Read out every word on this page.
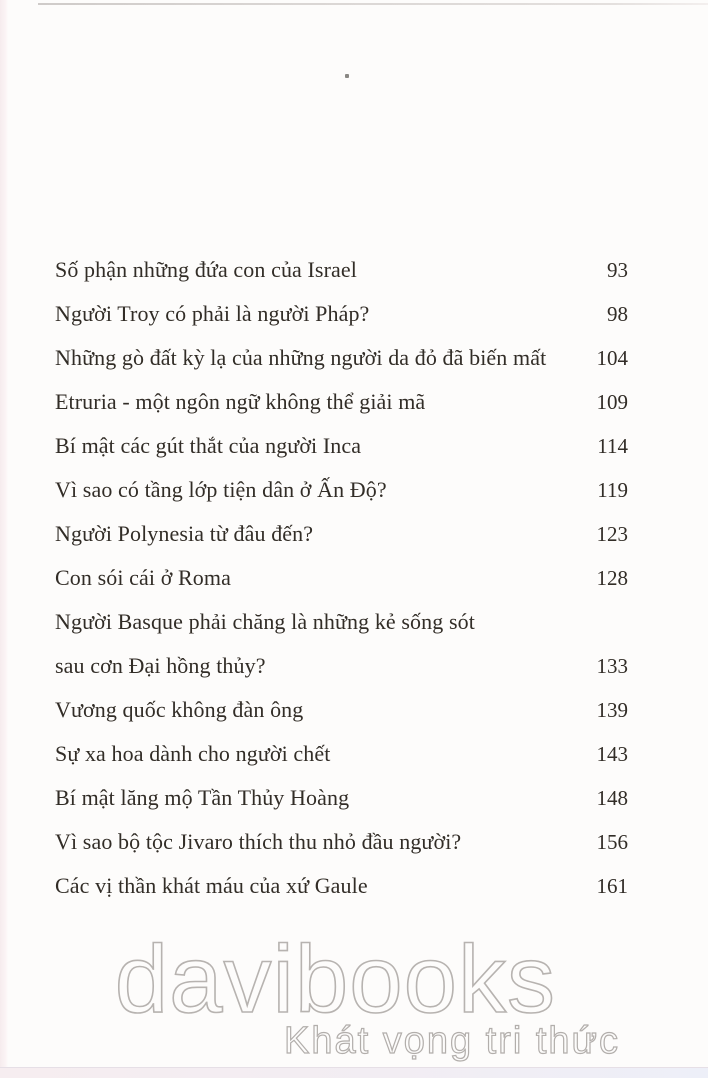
Số phận những đứa con của Israel	93
Người Troy có phải là người Pháp?	98
Những gò đất kỳ lạ của những người da đỏ đã biến mất	104
Etruria - một ngôn ngữ không thể giải mã	109
Bí mật các gút thắt của người Inca	114
Vì sao có tầng lớp tiện dân ở Ấn Độ?	119
Người Polynesia từ đâu đến?	123
Con sói cái ở Roma	128
Người Basque phải chăng là những kẻ sống sót
sau cơn Đại hồng thủy?	133
Vương quốc không đàn ông	139
Sự xa hoa dành cho người chết	143
Bí mật lăng mộ Tần Thủy Hoàng	148
Vì sao bộ tộc Jivaro thích thu nhỏ đầu người?	156
Các vị thần khát máu của xứ Gaule	161
davibooks
Khát vọng tri thức
